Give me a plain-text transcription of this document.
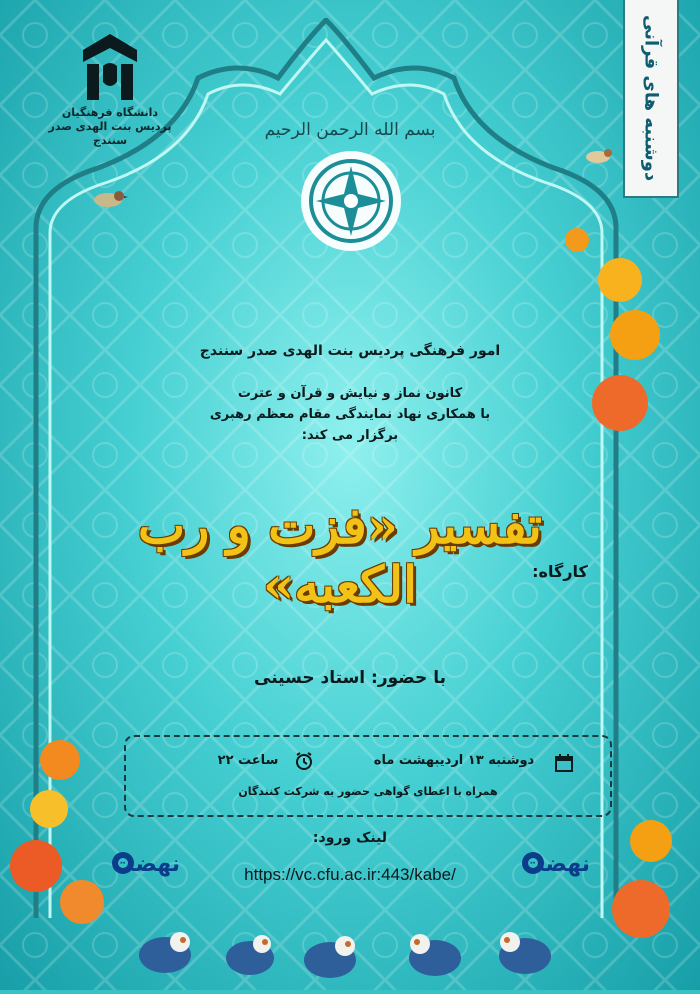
دانشگاه فرهنگیان
پردیس بنت الهدی صدر سنندج	دوشنبه های قرآنی
بسم الله الرحمن الرحیم
امور فرهنگی پردیس بنت الهدی صدر سنندج
کانون نماز و نیایش و قرآن و عترت
با همکاری نهاد نمایندگی مقام معظم رهبری
برگزار می کند:
کارگاه:
تفسیر «فزت و رب الکعبه»
با حضور: استاد حسینی
دوشنبه ۱۳ اردیبهشت ماه
ساعت ۲۲
همراه با اعطای گواهی حضور به شرکت کنندگان
لینک ورود:
https://vc.cfu.ac.ir:443/kabe/
نهضت	نهضت
